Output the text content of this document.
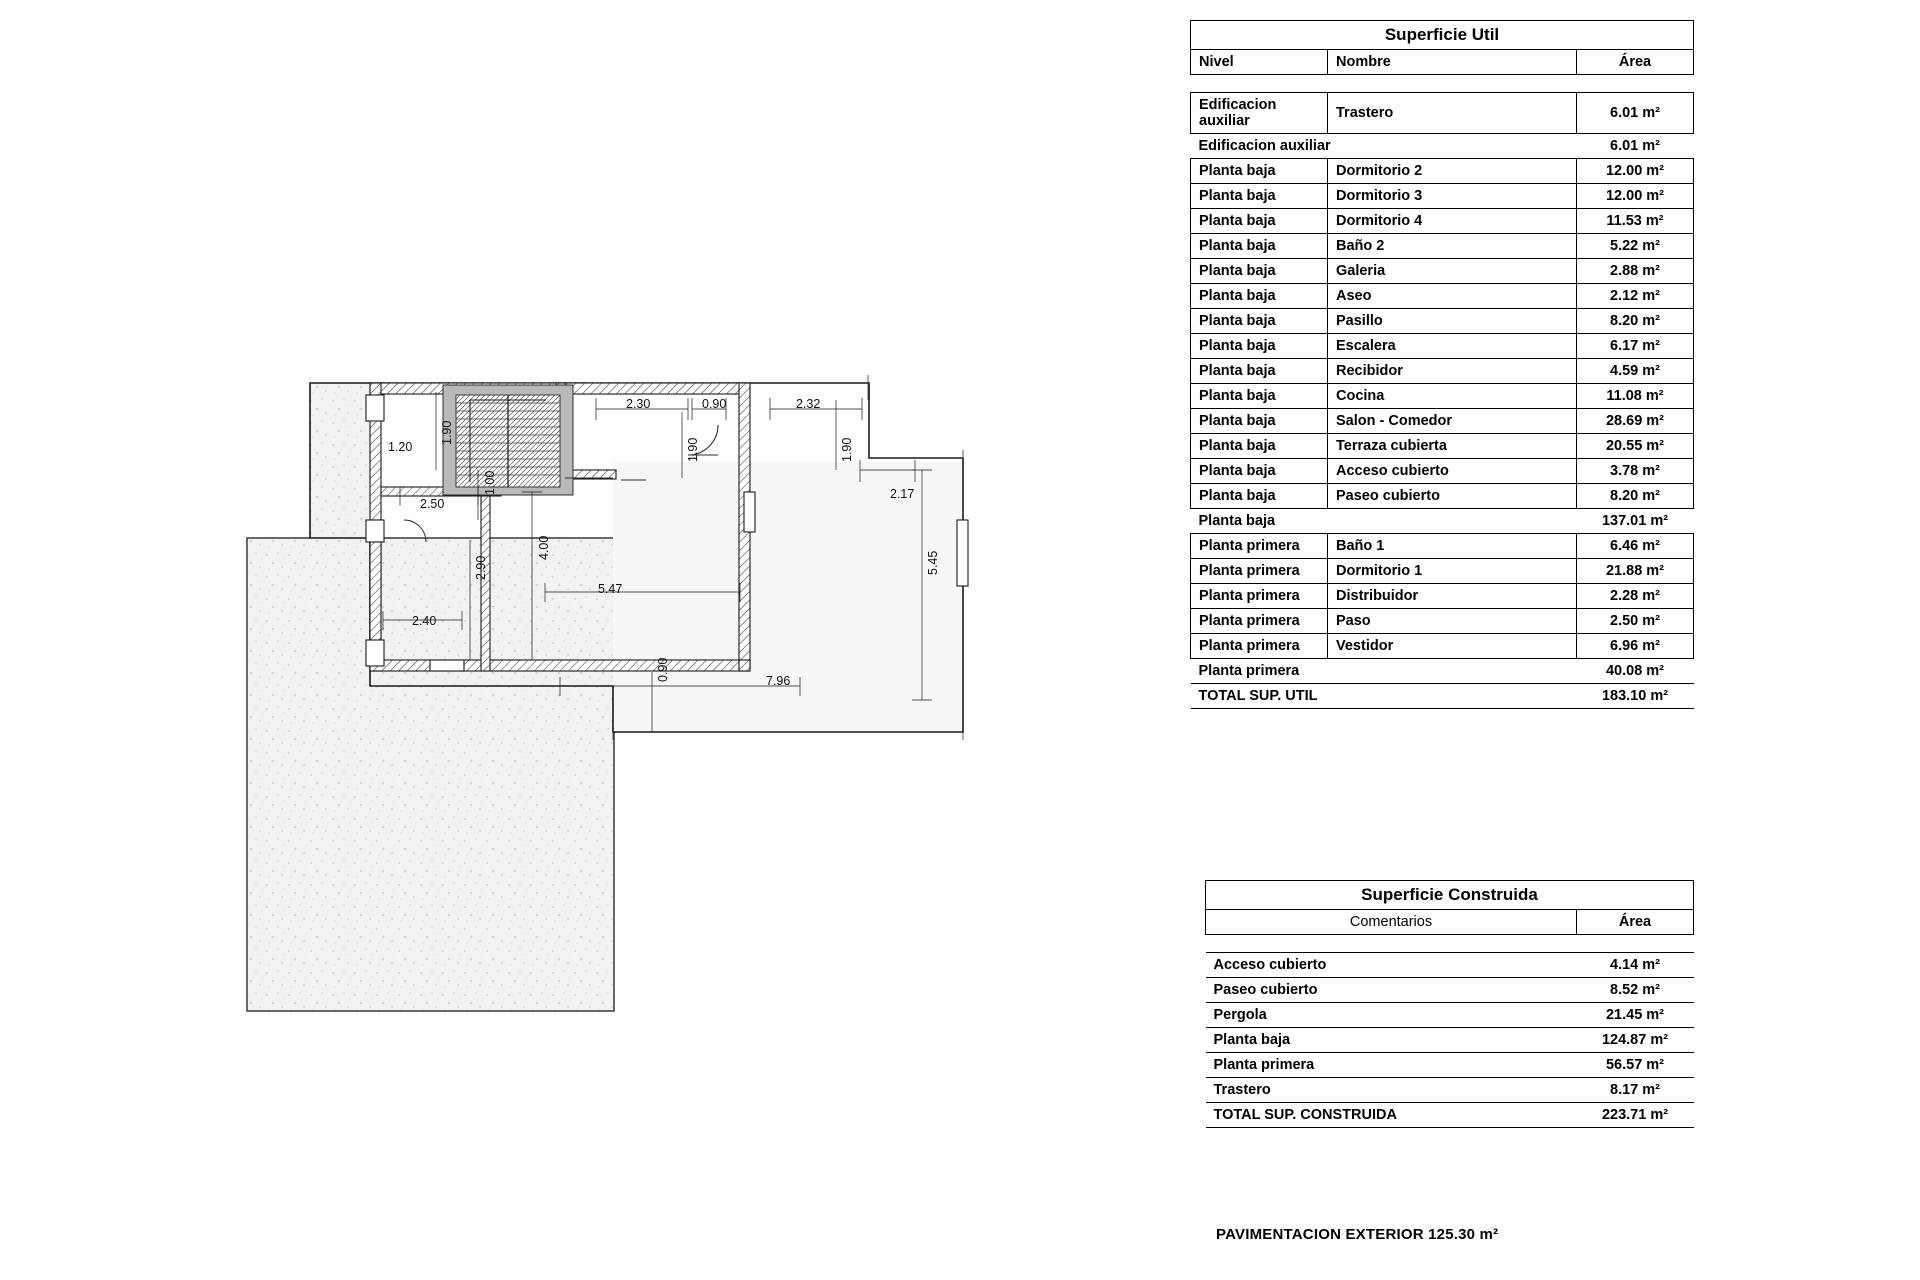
1.20
1.90
2.30	0.90	2.32
1.90	1.90
2.17
2.50
1.00
4.00
5.47
5.45
2.90
2.40
7.96
0.90
Superficie Util		
Nivel	Nombre	Área

Edificacion auxiliar	Trastero	6.01 m²
Edificacion auxiliar		6.01 m²
Planta baja	Dormitorio 2	12.00 m²
Planta baja	Dormitorio 3	12.00 m²
Planta baja	Dormitorio 4	11.53 m²
Planta baja	Baño 2	5.22 m²
Planta baja	Galeria	2.88 m²
Planta baja	Aseo	2.12 m²
Planta baja	Pasillo	8.20 m²
Planta baja	Escalera	6.17 m²
Planta baja	Recibidor	4.59 m²
Planta baja	Cocina	11.08 m²
Planta baja	Salon - Comedor	28.69 m²
Planta baja	Terraza cubierta	20.55 m²
Planta baja	Acceso cubierto	3.78 m²
Planta baja	Paseo cubierto	8.20 m²
Planta baja		137.01 m²
Planta primera	Baño 1	6.46 m²
Planta primera	Dormitorio 1	21.88 m²
Planta primera	Distribuidor	2.28 m²
Planta primera	Paso	2.50 m²
Planta primera	Vestidor	6.96 m²
Planta primera		40.08 m²
TOTAL SUP. UTIL		183.10 m²
Superficie Construida	
Comentarios	Área

Acceso cubierto	4.14 m²
Paseo cubierto	8.52 m²
Pergola	21.45 m²
Planta baja	124.87 m²
Planta primera	56.57 m²
Trastero	8.17 m²
TOTAL SUP. CONSTRUIDA	223.71 m²
PAVIMENTACION EXTERIOR 125.30 m²
